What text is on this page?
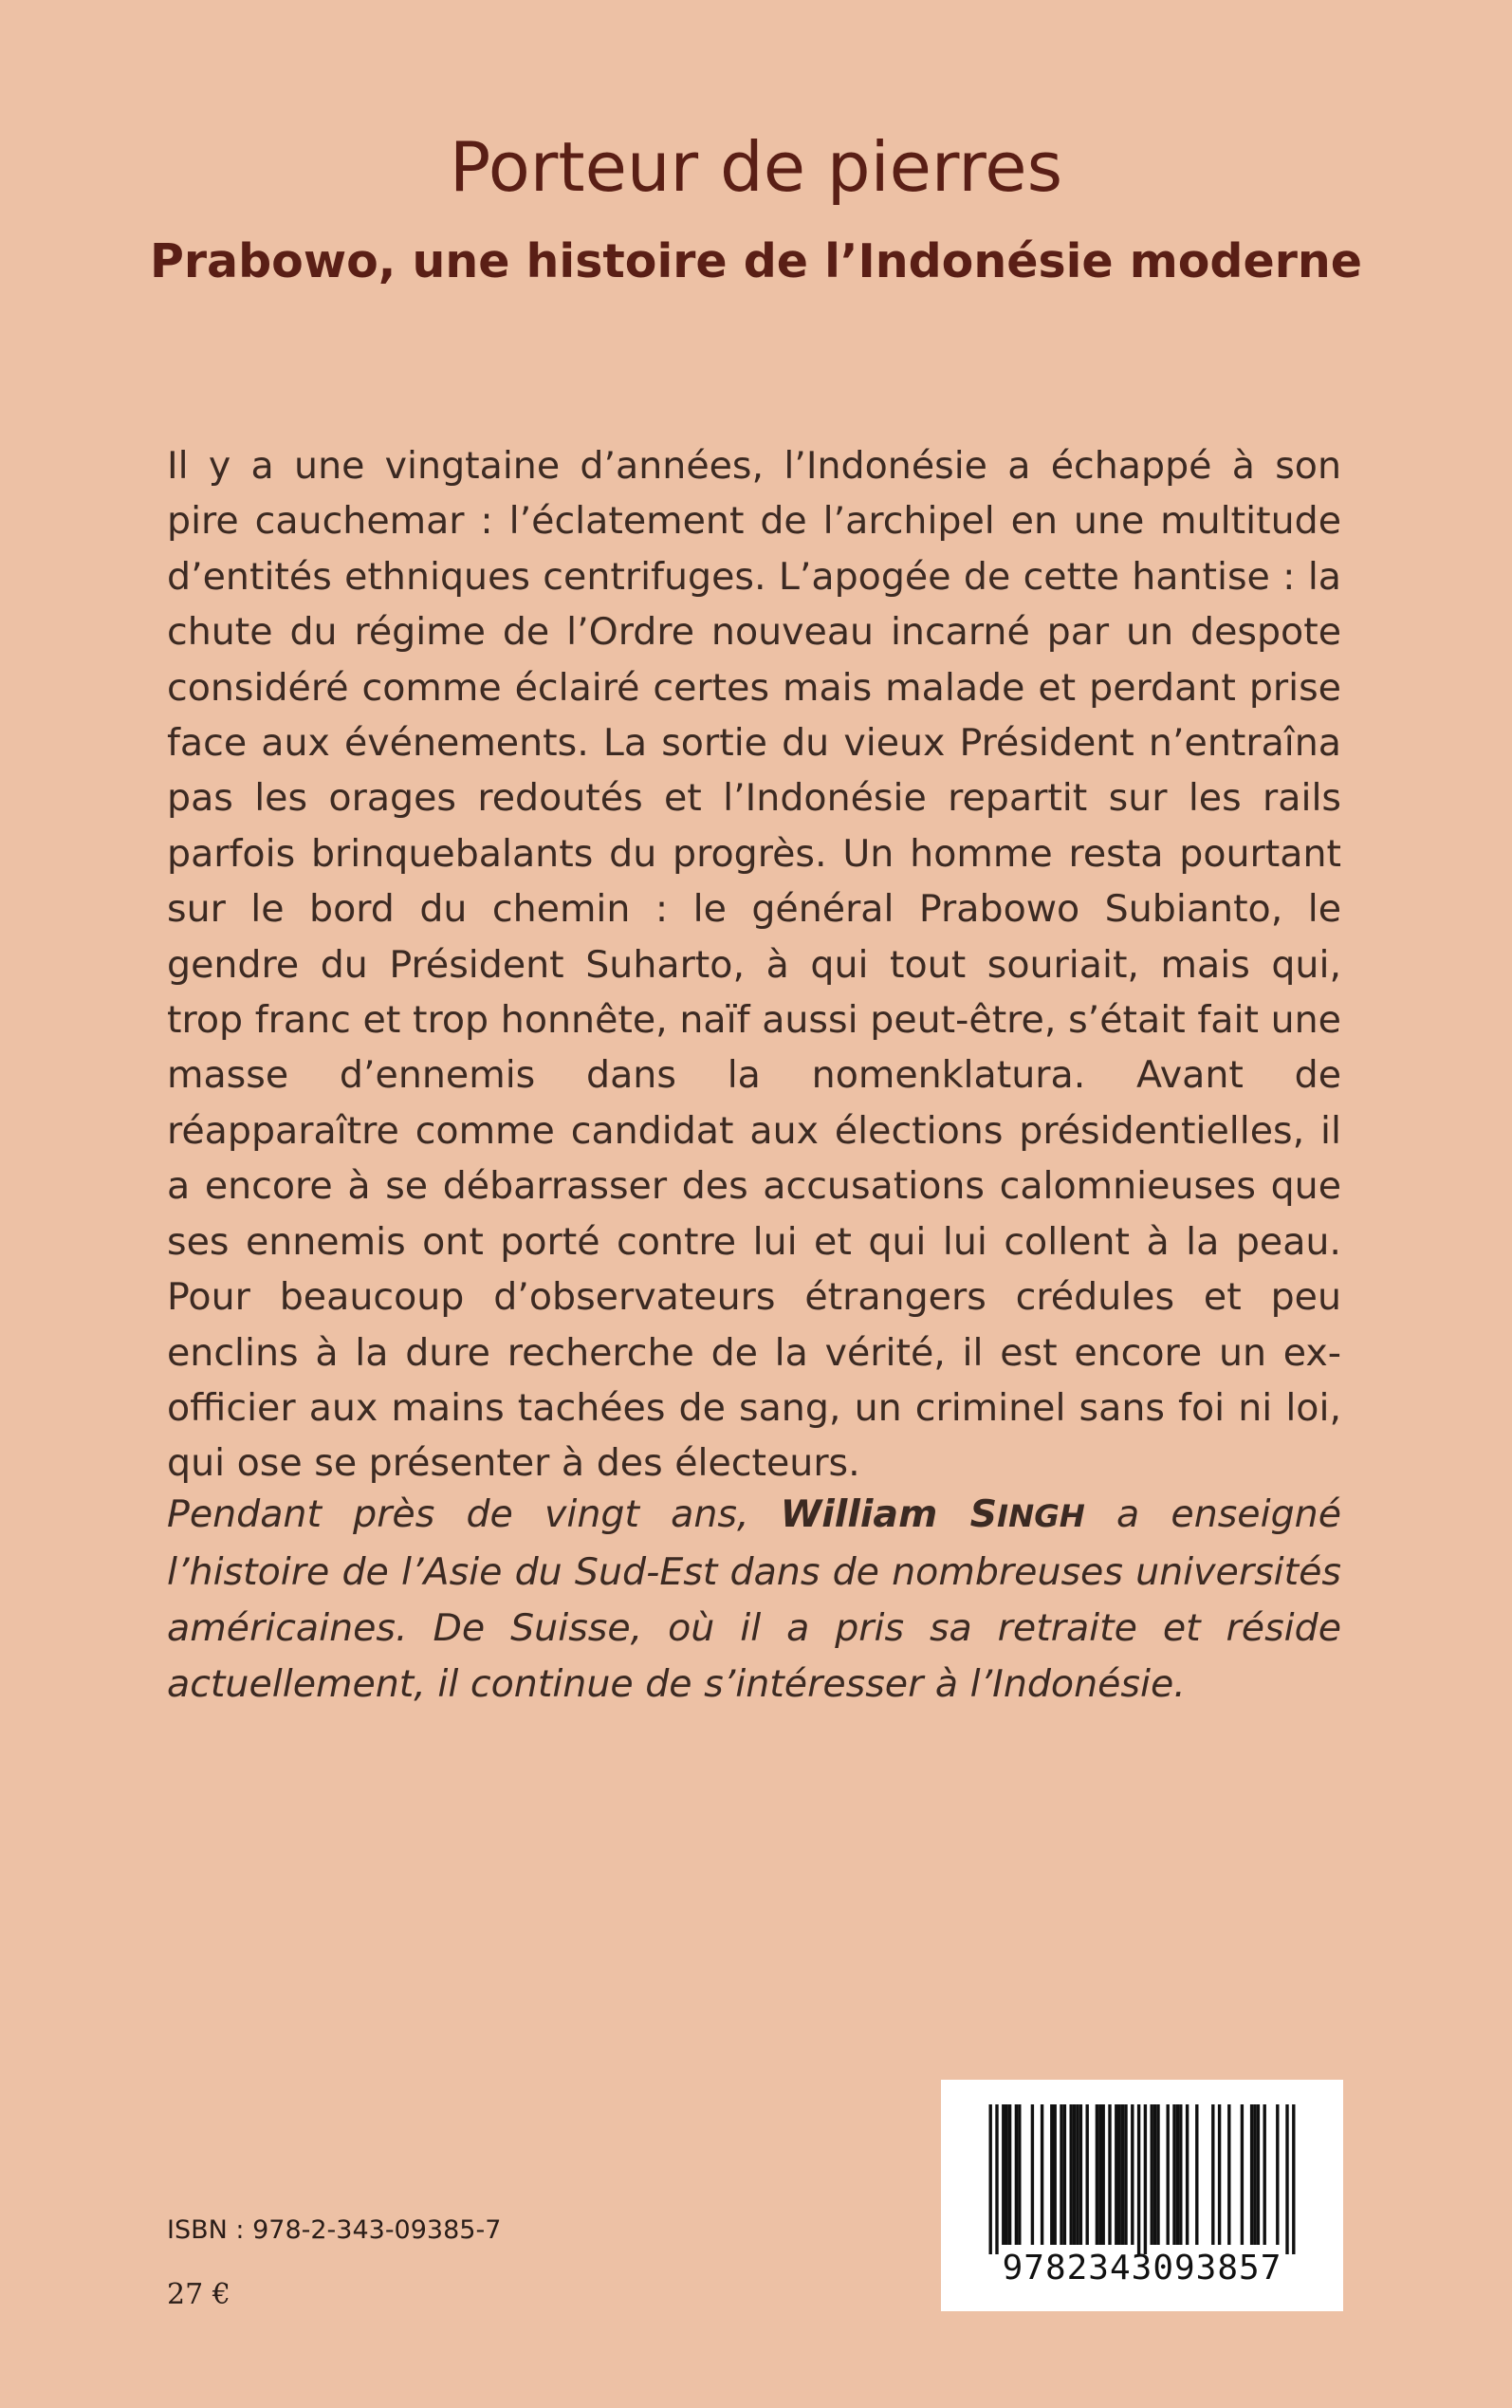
Porteur de pierres
Prabowo, une histoire de l’Indonésie moderne

Il y a une vingtaine d’années, l’Indonésie a échappé à son pire cauchemar : l’éclatement de l’archipel en une multitude d’entités ethniques centrifuges. L’apogée de cette hantise : la chute du régime de l’Ordre nouveau incarné par un despote considéré comme éclairé certes mais malade et perdant prise face aux événements. La sortie du vieux Président n’entraîna pas les orages redoutés et l’Indonésie repartit sur les rails parfois brinquebalants du progrès. Un homme resta pourtant sur le bord du chemin : le général Prabowo Subianto, le gendre du Président Suharto, à qui tout souriait, mais qui, trop franc et trop honnête, naïf aussi peut-être, s’était fait une masse d’ennemis dans la nomenklatura. Avant de réapparaître comme candidat aux élections présidentielles, il a encore à se débarrasser des accusations calomnieuses que ses ennemis ont porté contre lui et qui lui collent à la peau. Pour beaucoup d’observateurs étrangers crédules et peu enclins à la dure recherche de la vérité, il est encore un ex-officier aux mains tachées de sang, un criminel sans foi ni loi, qui ose se présenter à des électeurs.

Pendant près de vingt ans, William SINGH a enseigné l’histoire de l’Asie du Sud-Est dans de nombreuses universités américaines. De Suisse, où il a pris sa retraite et réside actuellement, il continue de s’intéresser à l’Indonésie.

ISBN : 978-2-343-09385-7
27 €
9782343093857
